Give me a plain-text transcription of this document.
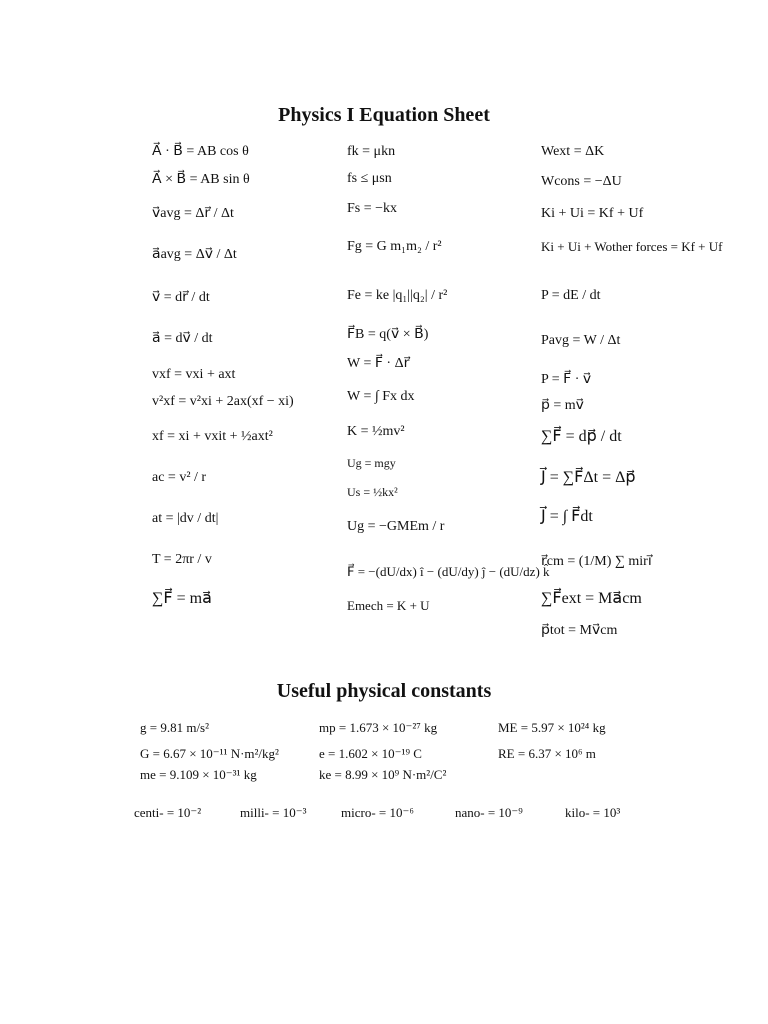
Physics I Equation Sheet
A⃗ · B⃗ = AB cos θ
A⃗ × B⃗ = AB sin θ
v⃗avg = Δr⃗ / Δt
a⃗avg = Δv⃗ / Δt
v⃗ = dr⃗ / dt
a⃗ = dv⃗ / dt
vxf = vxi + axt
v²xf = v²xi + 2ax(xf − xi)
xf = xi + vxit + ½axt²
ac = v² / r
at = |dv / dt|
T = 2πr / v
∑F⃗ = ma⃗
fk = μkn
fs ≤ μsn
Fs = −kx
Fg = G m₁m₂ / r²
Fe = ke |q₁||q₂| / r²
F⃗B = q(v⃗ × B⃗)
W = F⃗ · Δr⃗
W = ∫ Fx dx
K = ½mv²
Ug = mgy
Us = ½kx²
Ug = −GMEm / r
F⃗ = −(dU/dx) î − (dU/dy) ĵ − (dU/dz) k̂
Emech = K + U
Wext = ΔK
Wcons = −ΔU
Ki + Ui = Kf + Uf
Ki + Ui + Wother forces = Kf + Uf
P = dE / dt
Pavg = W / Δt
P = F⃗ · v⃗
p⃗ = mv⃗
∑F⃗ = dp⃗ / dt
J⃗ = ∑F⃗Δt = Δp⃗
J⃗ = ∫ F⃗dt
r⃗cm = (1/M) ∑ miri⃗
∑F⃗ext = Ma⃗cm
p⃗tot = Mv⃗cm
Useful physical constants
g = 9.81 m/s²	mp = 1.673 × 10⁻²⁷ kg	ME = 5.97 × 10²⁴ kg
G = 6.67 × 10⁻¹¹ N·m²/kg²	e = 1.602 × 10⁻¹⁹ C	RE = 6.37 × 10⁶ m
me = 9.109 × 10⁻³¹ kg	ke = 8.99 × 10⁹ N·m²/C²
centi- = 10⁻²	milli- = 10⁻³	micro- = 10⁻⁶	nano- = 10⁻⁹	kilo- = 10³
